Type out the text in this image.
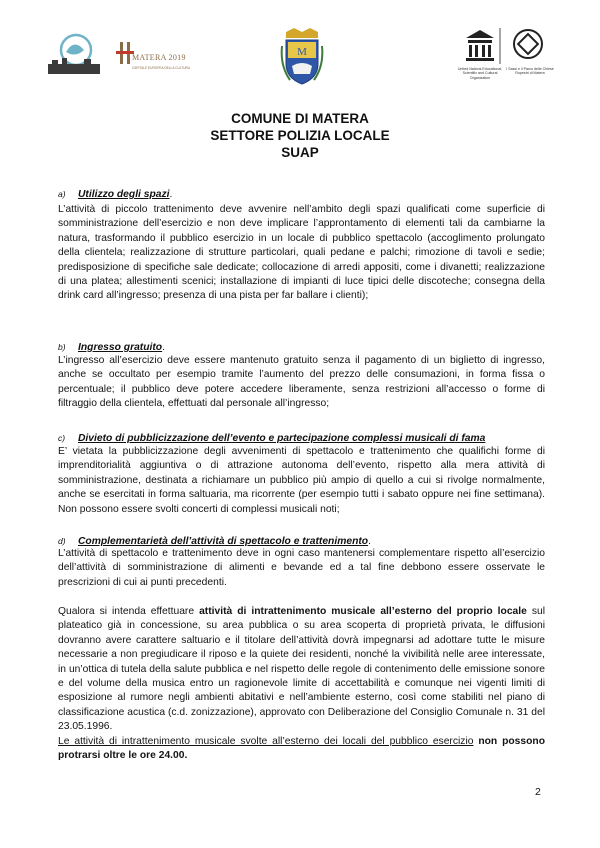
MATERA 2019
CAPITALE EUROPEA DELLA CULTURA
M
United Nations Educational, Scientific and Cultural Organization
I Sassi e il Parco delle Chiese Rupestri di Matera
COMUNE DI MATERA
SETTORE POLIZIA LOCALE
SUAP
a) Utilizzo degli spazi.
L’attività di piccolo trattenimento deve avvenire nell’ambito degli spazi qualificati come superficie di somministrazione dell’esercizio e non deve implicare l’approntamento di elementi tali da cambiarne la natura, trasformando il pubblico esercizio in un locale di pubblico spettacolo (accoglimento prolungato della clientela; realizzazione di strutture particolari, quali pedane e palchi; rimozione di tavoli e sedie; predisposizione di specifiche sale dedicate; collocazione di arredi appositi, come i divanetti; realizzazione di una platea; allestimenti scenici; installazione di impianti di luce tipici delle discoteche; consegna della drink card all’ingresso; presenza di una pista per far ballare i clienti);
b) Ingresso gratuito.
L’ingresso all’esercizio deve essere mantenuto gratuito senza il pagamento di un biglietto di ingresso, anche se occultato per esempio tramite l’aumento del prezzo delle consumazioni, in forma fissa o percentuale; il pubblico deve potere accedere liberamente, senza restrizioni all’accesso o forme di filtraggio della clientela, effettuati dal personale all’ingresso;
c) Divieto di pubblicizzazione dell’evento e partecipazione complessi musicali di fama
E’ vietata la pubblicizzazione degli avvenimenti di spettacolo e trattenimento che qualifichi forme di imprenditorialità aggiuntiva o di attrazione autonoma dell’evento, rispetto alla mera attività di somministrazione, destinata a richiamare un pubblico più ampio di quello a cui si rivolge normalmente, anche se esercitati in forma saltuaria, ma ricorrente (per esempio tutti i sabato oppure nei fine settimana). Non possono essere svolti concerti di complessi musicali noti;
d) Complementarietà dell’attività di spettacolo e trattenimento.
L’attività di spettacolo e trattenimento deve in ogni caso mantenersi complementare rispetto all’esercizio dell’attività di somministrazione di alimenti e bevande ed a tal fine debbono essere osservate le prescrizioni di cui ai punti precedenti.
Qualora si intenda effettuare attività di intrattenimento musicale all’esterno del proprio locale sul plateatico già in concessione, su area pubblica o su area scoperta di proprietà privata, le diffusioni dovranno avere carattere saltuario e il titolare dell’attività dovrà impegnarsi ad adottare tutte le misure necessarie a non pregiudicare il riposo e la quiete dei residenti, nonché la vivibilità nelle aree interessate, in un’ottica di tutela della salute pubblica e nel rispetto delle regole di contenimento delle emissione sonore e del volume della musica entro un ragionevole limite di accettabilità e comunque nei vigenti limiti di esposizione al rumore negli ambienti abitativi e nell’ambiente esterno, così come stabiliti nel piano di classificazione acustica (c.d. zonizzazione), approvato con Deliberazione del Consiglio Comunale n. 31 del 23.05.1996.
Le attività di intrattenimento musicale svolte all’esterno dei locali del pubblico esercizio non possono protrarsi oltre le ore 24.00.
2
